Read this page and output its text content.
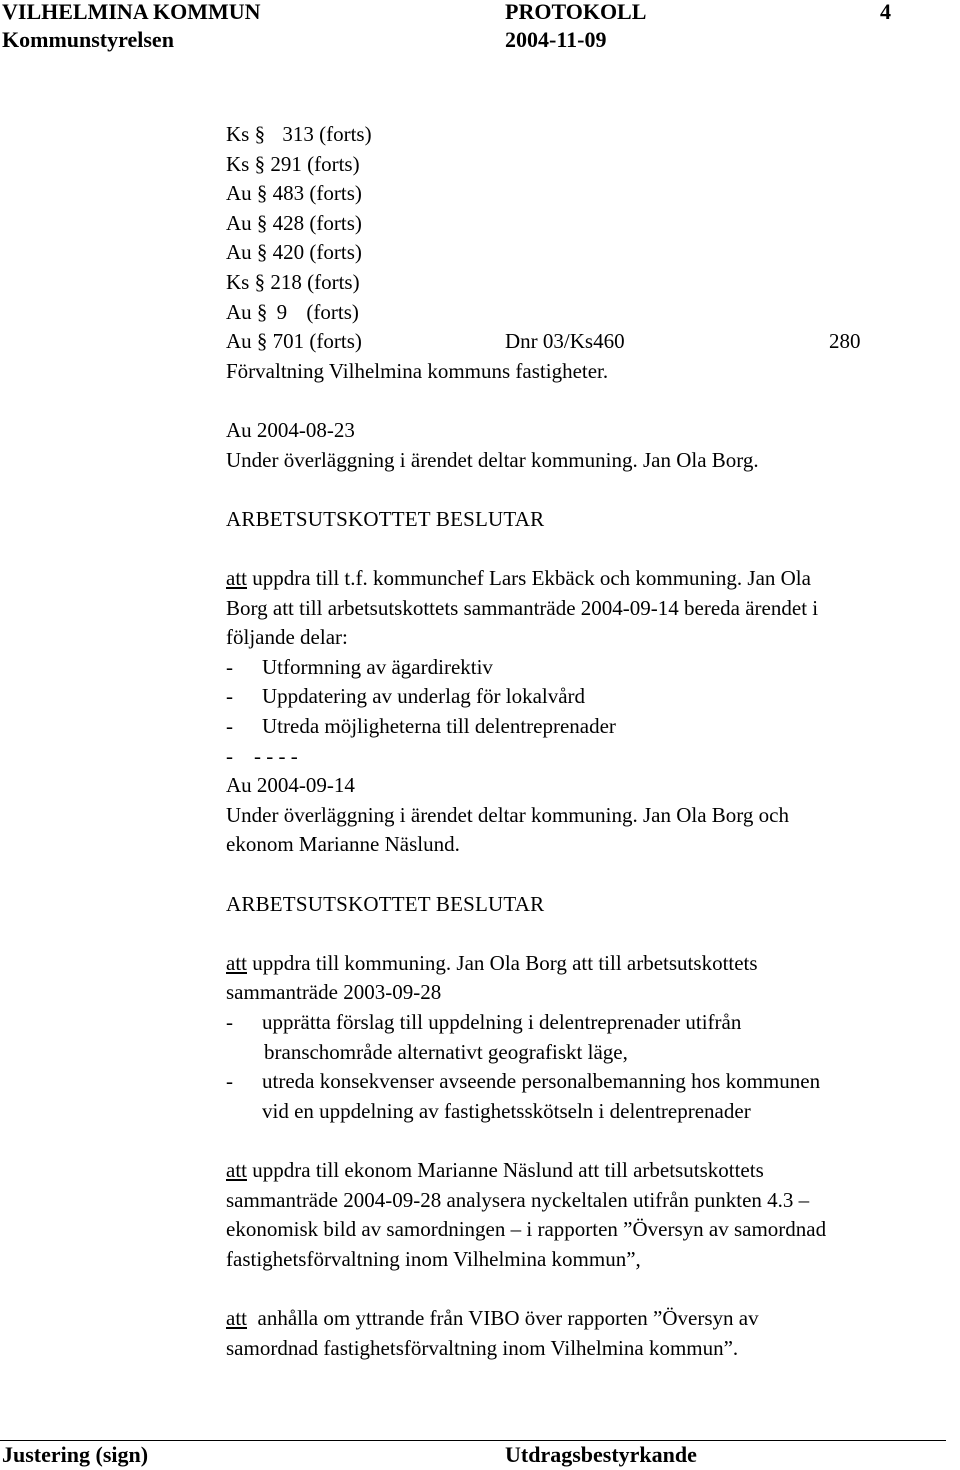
VILHELMINA KOMMUN	PROTOKOLL	4
Kommunstyrelsen	2004-11-09
Ks § 313 (forts)
Ks § 291 (forts)
Au § 483 (forts)
Au § 428 (forts)
Au § 420 (forts)
Ks § 218 (forts)
Au § 9 (forts)
Au § 701 (forts)	Dnr 03/Ks460	280
Förvaltning Vilhelmina kommuns fastigheter.
Au 2004-08-23
Under överläggning i ärendet deltar kommuning. Jan Ola Borg.
ARBETSUTSKOTTET BESLUTAR
att uppdra till t.f. kommunchef Lars Ekbäck och kommuning. Jan Ola
Borg att till arbetsutskottets sammanträde 2004-09-14 bereda ärendet i
följande delar:
- Utformning av ägardirektiv
- Uppdatering av underlag för lokalvård
- Utreda möjligheterna till delentreprenader
-    - - - -
Au 2004-09-14
Under överläggning i ärendet deltar kommuning. Jan Ola Borg och
ekonom Marianne Näslund.
ARBETSUTSKOTTET BESLUTAR
att uppdra till kommuning. Jan Ola Borg att till arbetsutskottets
sammanträde 2003-09-28
- upprätta förslag till uppdelning i delentreprenader utifrån
branschområde alternativt geografiskt läge,
- utreda konsekvenser avseende personalbemanning hos kommunen
vid en uppdelning av fastighetsskötseln i delentreprenader
att uppdra till ekonom Marianne Näslund att till arbetsutskottets
sammanträde 2004-09-28 analysera nyckeltalen utifrån punkten 4.3 –
ekonomisk bild av samordningen – i rapporten ”Översyn av samordnad
fastighetsförvaltning inom Vilhelmina kommun”,
att  anhålla om yttrande från VIBO över rapporten ”Översyn av
samordnad fastighetsförvaltning inom Vilhelmina kommun”.
Justering (sign)	Utdragsbestyrkande
